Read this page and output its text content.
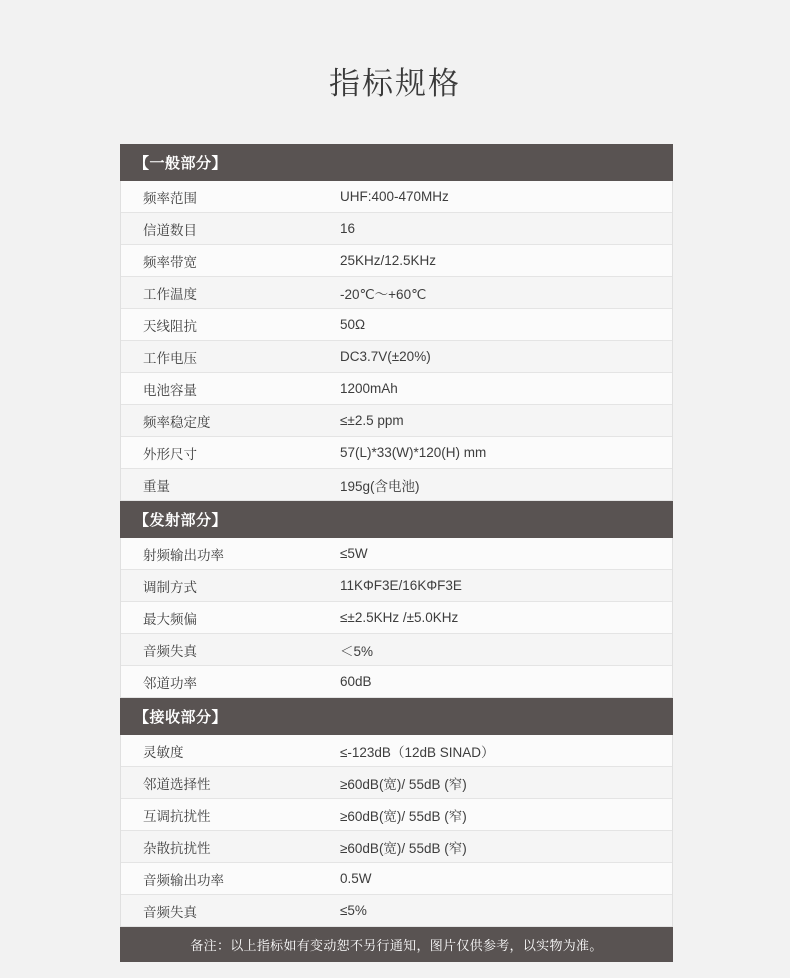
指标规格
【一般部分】
频率范围	UHF:400-470MHz
信道数目	16
频率带宽	25KHz/12.5KHz
工作温度	-20℃～+60℃
天线阻抗	50Ω
工作电压	DC3.7V(±20%)
电池容量	1200mAh
频率稳定度	≤±2.5 ppm
外形尺寸	57(L)*33(W)*120(H) mm
重量	195g(含电池)
【发射部分】
射频输出功率	≤5W
调制方式	11KΦF3E/16KΦF3E
最大频偏	≤±2.5KHz /±5.0KHz
音频失真	＜5%
邻道功率	60dB
【接收部分】
灵敏度	≤-123dB（12dB SINAD）
邻道选择性	≥60dB(宽)/ 55dB (窄)
互调抗扰性	≥60dB(宽)/ 55dB (窄)
杂散抗扰性	≥60dB(宽)/ 55dB (窄)
音频输出功率	0.5W
音频失真	≤5%
备注：以上指标如有变动恕不另行通知，图片仅供参考，以实物为准。
